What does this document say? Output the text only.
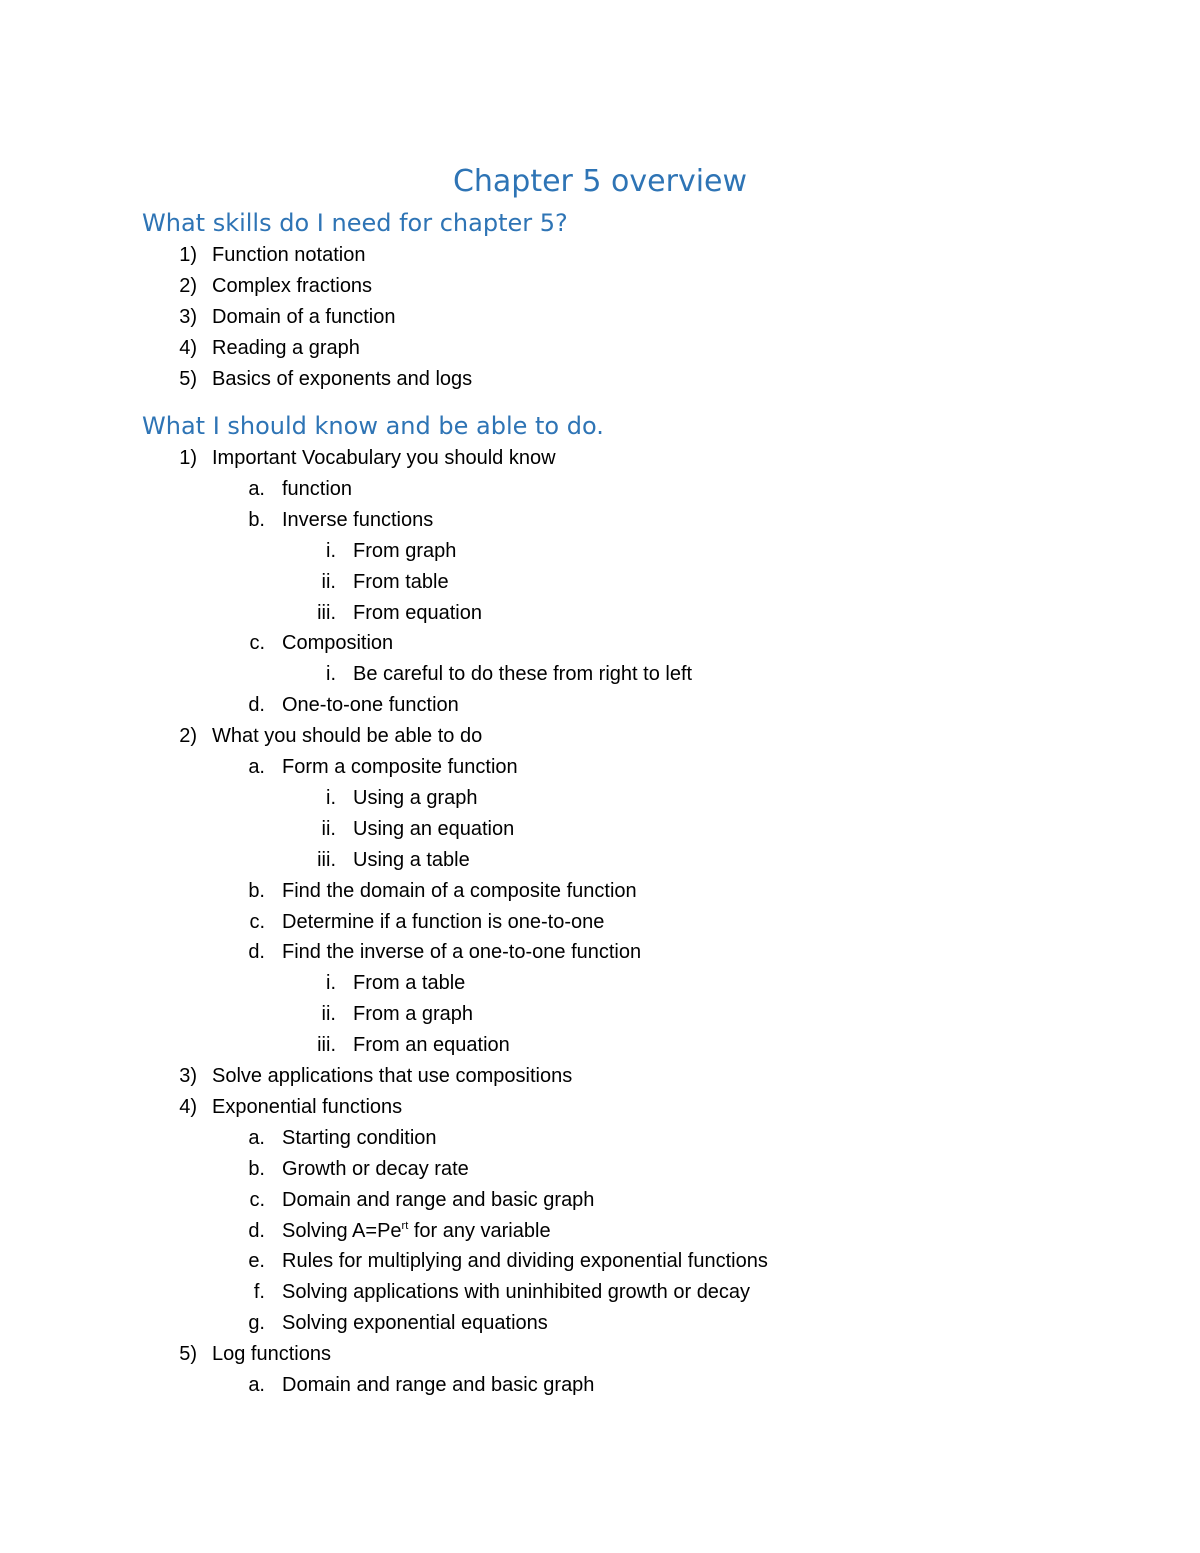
Chapter 5 overview
What skills do I need for chapter 5?
1) Function notation
2) Complex fractions
3) Domain of a function
4) Reading a graph
5) Basics of exponents and logs
What I should know and be able to do.
1) Important Vocabulary you should know
a. function
b. Inverse functions
i. From graph
ii. From table
iii. From equation
c. Composition
i. Be careful to do these from right to left
d. One-to-one function
2) What you should be able to do
a. Form a composite function
i. Using a graph
ii. Using an equation
iii. Using a table
b. Find the domain of a composite function
c. Determine if a function is one-to-one
d. Find the inverse of a one-to-one function
i. From a table
ii. From a graph
iii. From an equation
3) Solve applications that use compositions
4) Exponential functions
a. Starting condition
b. Growth or decay rate
c. Domain and range and basic graph
d. Solving $A=Pe^{rt}$ for any variable
e. Rules for multiplying and dividing exponential functions
f. Solving applications with uninhibited growth or decay
g. Solving exponential equations
5) Log functions
a. Domain and range and basic graph
